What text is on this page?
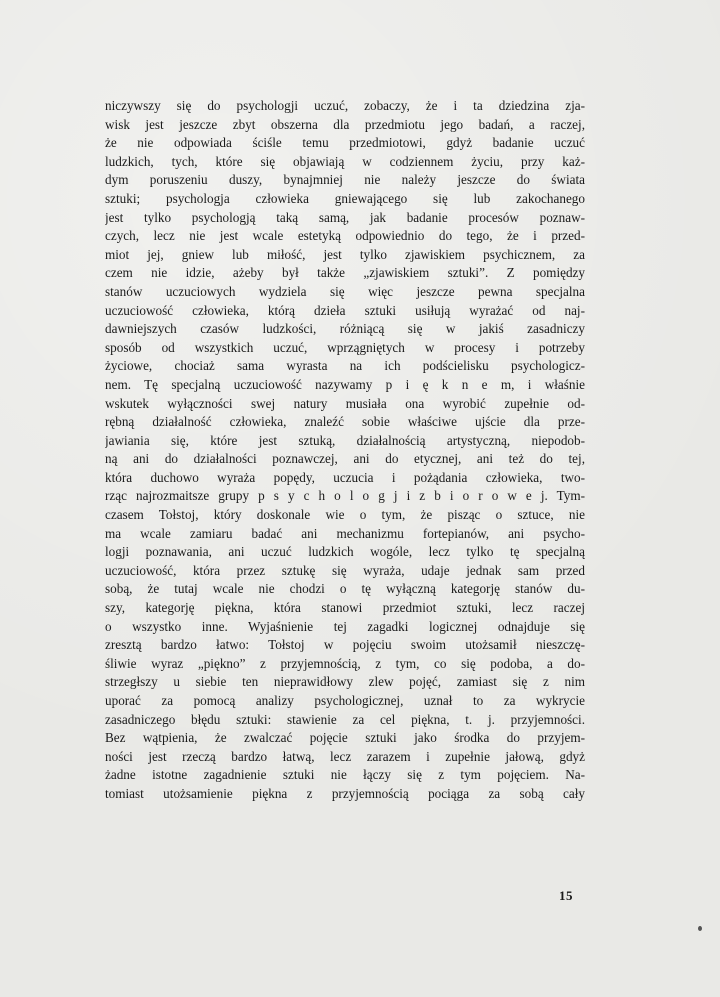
niczywszy się do psychologji uczuć, zobaczy, że i ta dziedzina zja-
wisk jest jeszcze zbyt obszerna dla przedmiotu jego badań, a raczej,
że nie odpowiada ściśle temu przedmiotowi, gdyż badanie uczuć
ludzkich, tych, które się objawiają w codziennem życiu, przy każ-
dym poruszeniu duszy, bynajmniej nie należy jeszcze do świata
sztuki; psychologja człowieka gniewającego się lub zakochanego
jest tylko psychologją taką samą, jak badanie procesów poznaw-
czych, lecz nie jest wcale estetyką odpowiednio do tego, że i przed-
miot jej, gniew lub miłość, jest tylko zjawiskiem psychicznem, za
czem nie idzie, ażeby był także „zjawiskiem sztuki”. Z pomiędzy
stanów uczuciowych wydziela się więc jeszcze pewna specjalna
uczuciowość człowieka, którą dzieła sztuki usiłują wyrażać od naj-
dawniejszych czasów ludzkości, różniącą się w jakiś zasadniczy
sposób od wszystkich uczuć, wprzągniętych w procesy i potrzeby
życiowe, chociaż sama wyrasta na ich podścielisku psychologicz-
nem. Tę specjalną uczuciowość nazywamy p i ę k n e m, i właśnie
wskutek wyłączności swej natury musiała ona wyrobić zupełnie od-
rębną działalność człowieka, znaleźć sobie właściwe ujście dla prze-
jawiania się, które jest sztuką, działalnością artystyczną, niepodob-
ną ani do działalności poznawczej, ani do etycznej, ani też do tej,
która duchowo wyraża popędy, uczucia i pożądania człowieka, two-
rząc najrozmaitsze grupy p s y c h o l o g j i z b i o r o w e j. Tym-
czasem Tołstoj, który doskonale wie o tym, że pisząc o sztuce, nie
ma wcale zamiaru badać ani mechanizmu fortepianów, ani psycho-
logji poznawania, ani uczuć ludzkich wogóle, lecz tylko tę specjalną
uczuciowość, która przez sztukę się wyraża, udaje jednak sam przed
sobą, że tutaj wcale nie chodzi o tę wyłączną kategorję stanów du-
szy, kategorję piękna, która stanowi przedmiot sztuki, lecz raczej
o wszystko inne. Wyjaśnienie tej zagadki logicznej odnajduje się
zresztą bardzo łatwo: Tołstoj w pojęciu swoim utożsamił nieszczę-
śliwie wyraz „piękno” z przyjemnością, z tym, co się podoba, a do-
strzegłszy u siebie ten nieprawidłowy zlew pojęć, zamiast się z nim
uporać za pomocą analizy psychologicznej, uznał to za wykrycie
zasadniczego błędu sztuki: stawienie za cel piękna, t. j. przyjemności.
Bez wątpienia, że zwalczać pojęcie sztuki jako środka do przyjem-
ności jest rzeczą bardzo łatwą, lecz zarazem i zupełnie jałową, gdyż
żadne istotne zagadnienie sztuki nie łączy się z tym pojęciem. Na-
tomiast utożsamienie piękna z przyjemnością pociąga za sobą cały
15
